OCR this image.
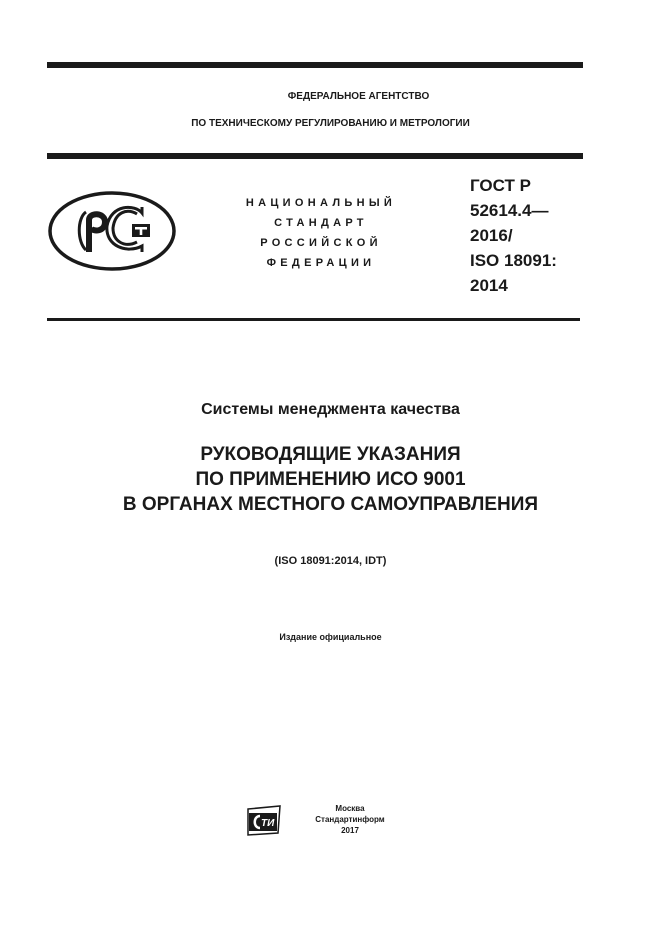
ФЕДЕРАЛЬНОЕ АГЕНТСТВО
ПО ТЕХНИЧЕСКОМУ РЕГУЛИРОВАНИЮ И МЕТРОЛОГИИ
НАЦИОНАЛЬНЫЙ
СТАНДАРТ
РОССИЙСКОЙ
ФЕДЕРАЦИИ
ГОСТ Р
52614.4—
2016/
ISO 18091:
2014
Системы менеджмента качества
РУКОВОДЯЩИЕ УКАЗАНИЯ
ПО ПРИМЕНЕНИЮ ИСО 9001
В ОРГАНАХ МЕСТНОГО САМОУПРАВЛЕНИЯ
(ISO 18091:2014, IDT)
Издание официальное
ТИ
Москва
Стандартинформ
2017
